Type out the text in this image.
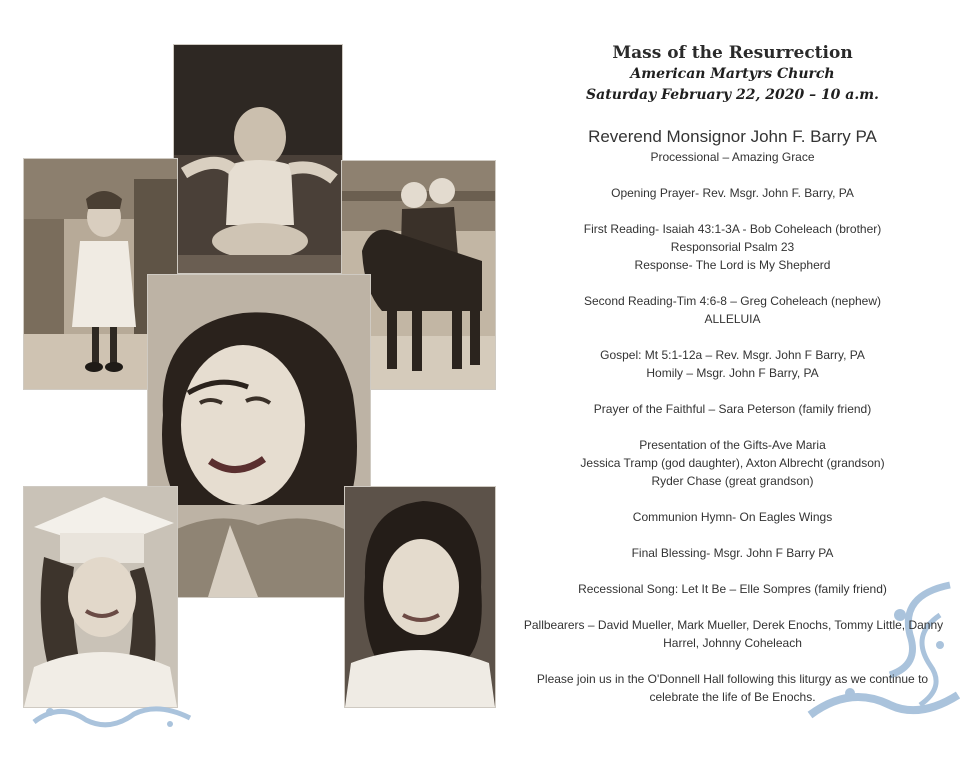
Mass of the Resurrection

American Martyrs Church

Saturday February 22, 2020 – 10 a.m.

Reverend Monsignor John F. Barry PA
Processional – Amazing Grace
Opening Prayer- Rev. Msgr. John F. Barry, PA
First Reading- Isaiah 43:1-3A - Bob Coheleach (brother)
Responsorial Psalm 23
Response- The Lord is My Shepherd
Second Reading-Tim 4:6-8 – Greg Coheleach (nephew)
ALLELUIA
Gospel: Mt 5:1-12a – Rev. Msgr. John F Barry, PA
Homily – Msgr. John F Barry, PA
Prayer of the Faithful – Sara Peterson (family friend)
Presentation of the Gifts-Ave Maria
Jessica Tramp (god daughter), Axton Albrecht (grandson)
Ryder Chase (great grandson)
Communion Hymn- On Eagles Wings
Final Blessing- Msgr. John F Barry PA
Recessional Song: Let It Be – Elle Sompres (family friend)
Pallbearers – David Mueller, Mark Mueller, Derek Enochs, Tommy Little, Danny
Harrel, Johnny Coheleach
Please join us in the O'Donnell Hall following this liturgy as we continue to
celebrate the life of Be Enochs.
